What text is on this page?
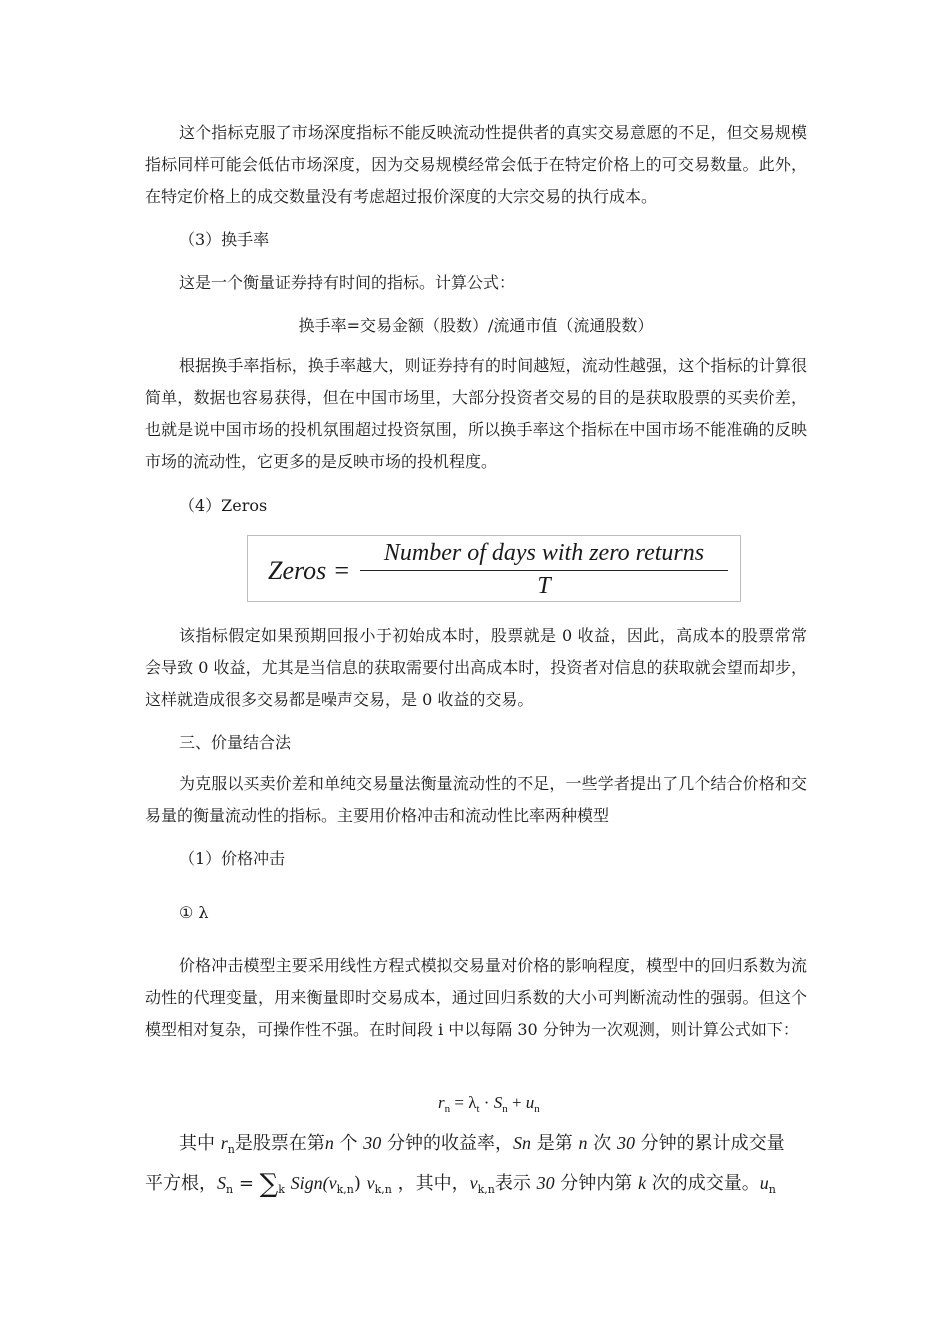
这个指标克服了市场深度指标不能反映流动性提供者的真实交易意愿的不足，但交易规模指标同样可能会低估市场深度，因为交易规模经常会低于在特定价格上的可交易数量。此外，在特定价格上的成交数量没有考虑超过报价深度的大宗交易的执行成本。

（3）换手率

这是一个衡量证券持有时间的指标。计算公式：

换手率=交易金额（股数）/流通市值（流通股数）

根据换手率指标，换手率越大，则证券持有的时间越短，流动性越强，这个指标的计算很简单，数据也容易获得，但在中国市场里，大部分投资者交易的目的是获取股票的买卖价差，也就是说中国市场的投机氛围超过投资氛围，所以换手率这个指标在中国市场不能准确的反映市场的流动性，它更多的是反映市场的投机程度。

（4）Zeros

Zeros =
Number of days with zero returns
T

该指标假定如果预期回报小于初始成本时，股票就是 0 收益，因此，高成本的股票常常会导致 0 收益，尤其是当信息的获取需要付出高成本时，投资者对信息的获取就会望而却步，这样就造成很多交易都是噪声交易，是 0 收益的交易。

三、价量结合法

为克服以买卖价差和单纯交易量法衡量流动性的不足，一些学者提出了几个结合价格和交易量的衡量流动性的指标。主要用价格冲击和流动性比率两种模型

（1）价格冲击

① λ

价格冲击模型主要采用线性方程式模拟交易量对价格的影响程度，模型中的回归系数为流动性的代理变量，用来衡量即时交易成本，通过回归系数的大小可判断流动性的强弱。但这个模型相对复杂，可操作性不强。在时间段 i 中以每隔 30 分钟为一次观测，则计算公式如下：

$r_n = \lambda_t \cdot S_n + u_n$

其中 $r_n$是股票在第n 个 30 分钟的收益率，Sn 是第 n 次 30 分钟的累计成交量

平方根，$S_n = \sum_k$ $Sign(v_{k,n})$ $v_{k,n}$ ，其中，$v_{k,n}$表示 30 分钟内第 k 次的成交量。$u_n$
